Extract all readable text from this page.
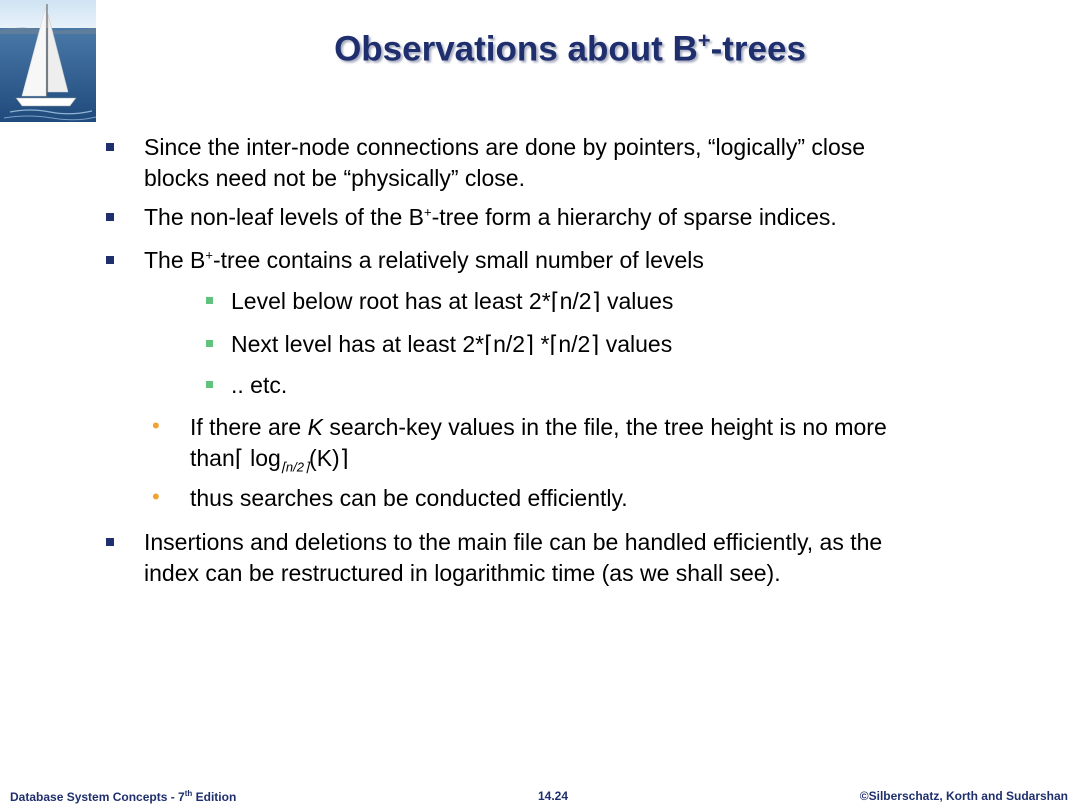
Observations about B+-trees
Since the inter-node connections are done by pointers, “logically” close
blocks need not be “physically” close.
The non-leaf levels of the B+-tree form a hierarchy of sparse indices.
The B+-tree contains a relatively small number of levels
Level below root has at least 2*⌈n/2⌉ values
Next level has at least 2*⌈n/2⌉ *⌈n/2⌉ values
.. etc.
• If there are K search-key values in the file, the tree height is no more
than⌈ $\log_{⌈n/2⌉}(K)⌉$
• thus searches can be conducted efficiently.
Insertions and deletions to the main file can be handled efficiently, as the
index can be restructured in logarithmic time (as we shall see).
Database System Concepts - 7th Edition	14.24	©Silberschatz, Korth and Sudarshan
